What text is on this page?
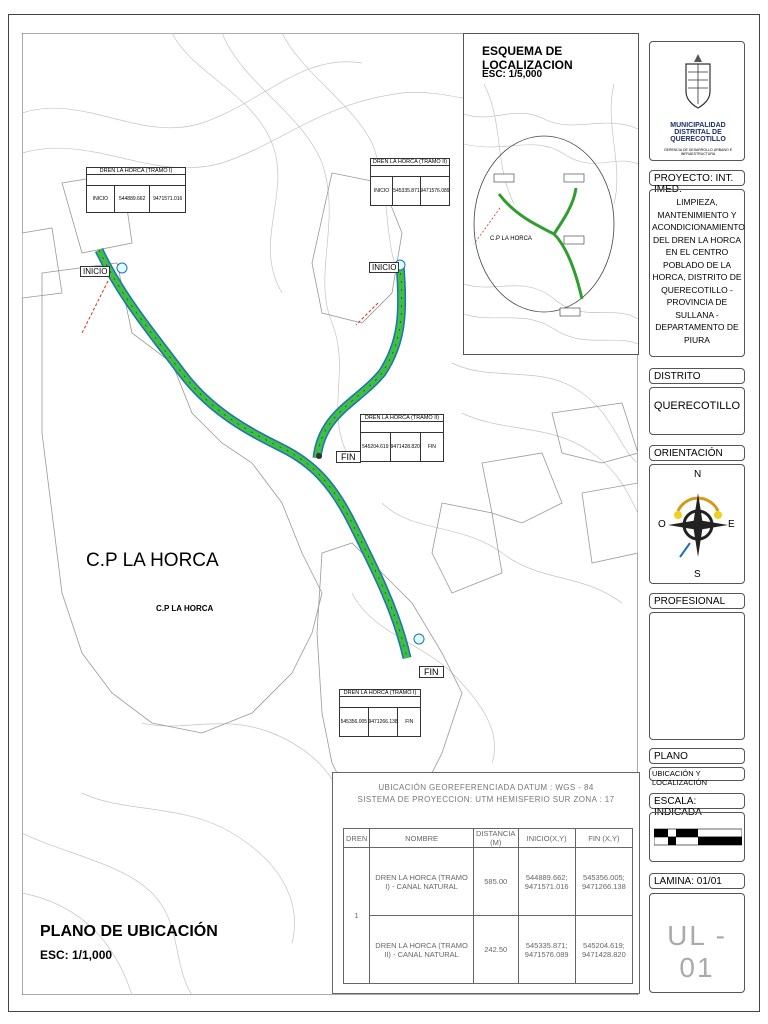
INICIO	INICIO
FIN
FIN
DREN LA HORCA (TRAMO I)
INICIO	544889.662	9471571.016
DREN LA HORCA (TRAMO II)
INICIO 545335.871 9471576.089
DREN LA HORCA (TRAMO II)
545204.619 9471428.820	FIN
DREN LA HORCA (TRAMO I)
545356.005 9471266.138	FIN
C.P LA HORCA
C.P LA HORCA
PLANO DE UBICACIÓN
ESC: 1/1,000
ESQUEMA DE LOCALIZACION
ESC: 1/5,000
C.P LA HORCA
UBICACIÓN GEOREFERENCIADA DATUM : WGS - 84
SISTEMA DE PROYECCION: UTM HEMISFERIO SUR ZONA : 17
DREN	NOMBRE	DISTANCIA (M)	INICIO(X,Y)	FIN (X,Y)
1	DREN LA HORCA (TRAMO I) - CANAL NATURAL	585.00	544889.662; 9471571.016	545356.005; 9471266.138
	DREN LA HORCA (TRAMO II) - CANAL NATURAL	242.50	545335.871; 9471576.089	545204.619; 9471428.820
MUNICIPALIDAD DISTRITAL DE QUERECOTILLO
GERENCIA DE DESARROLLO URBANO E INFRAESTRUCTURA
PROYECTO: INT. IMED.
LIMPIEZA, MANTENIMIENTO Y ACONDICIONAMIENTO DEL DREN LA HORCA EN EL CENTRO POBLADO DE LA HORCA, DISTRITO DE QUERECOTILLO - PROVINCIA DE SULLANA - DEPARTAMENTO DE PIURA
DISTRITO
QUERECOTILLO
ORIENTACIÓN
N
S
E
O
PROFESIONAL
PLANO
UBICACIÓN Y LOCALIZACIÓN
ESCALA: INDICADA
LAMINA: 01/01
UL - 01
